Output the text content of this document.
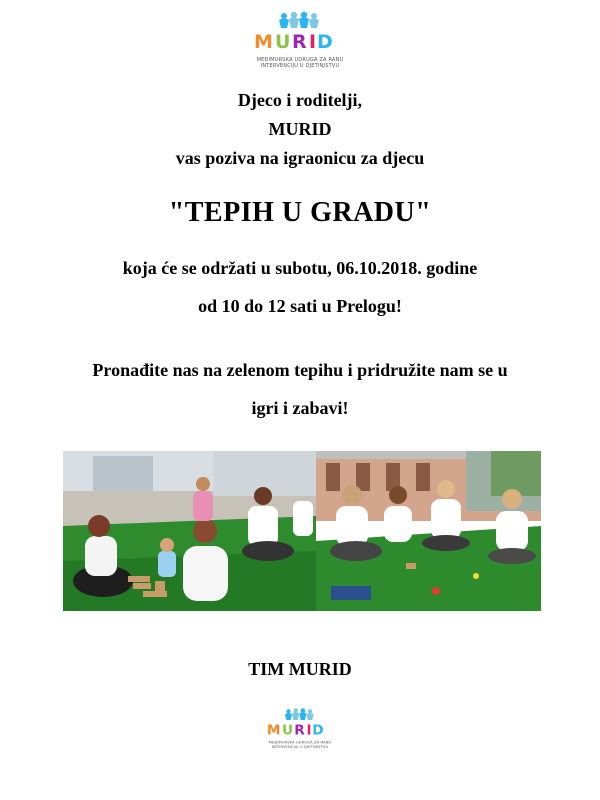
M U R I D
MEĐIMURSKA UDRUGA ZA RANU INTERVENCIJU U DJETINJSTVU
Djeco i roditelji,
MURID
vas poziva na igraonicu za djecu
"TEPIH U GRADU"
koja će se održati u subotu, 06.10.2018. godine
od 10 do 12 sati u Prelogu!
Pronađite nas na zelenom tepihu i pridružite nam se u
igri i zabavi!
TIM MURID
M U R I D
MEĐIMURSKA UDRUGA ZA RANU INTERVENCIJU U DJETINJSTVU
